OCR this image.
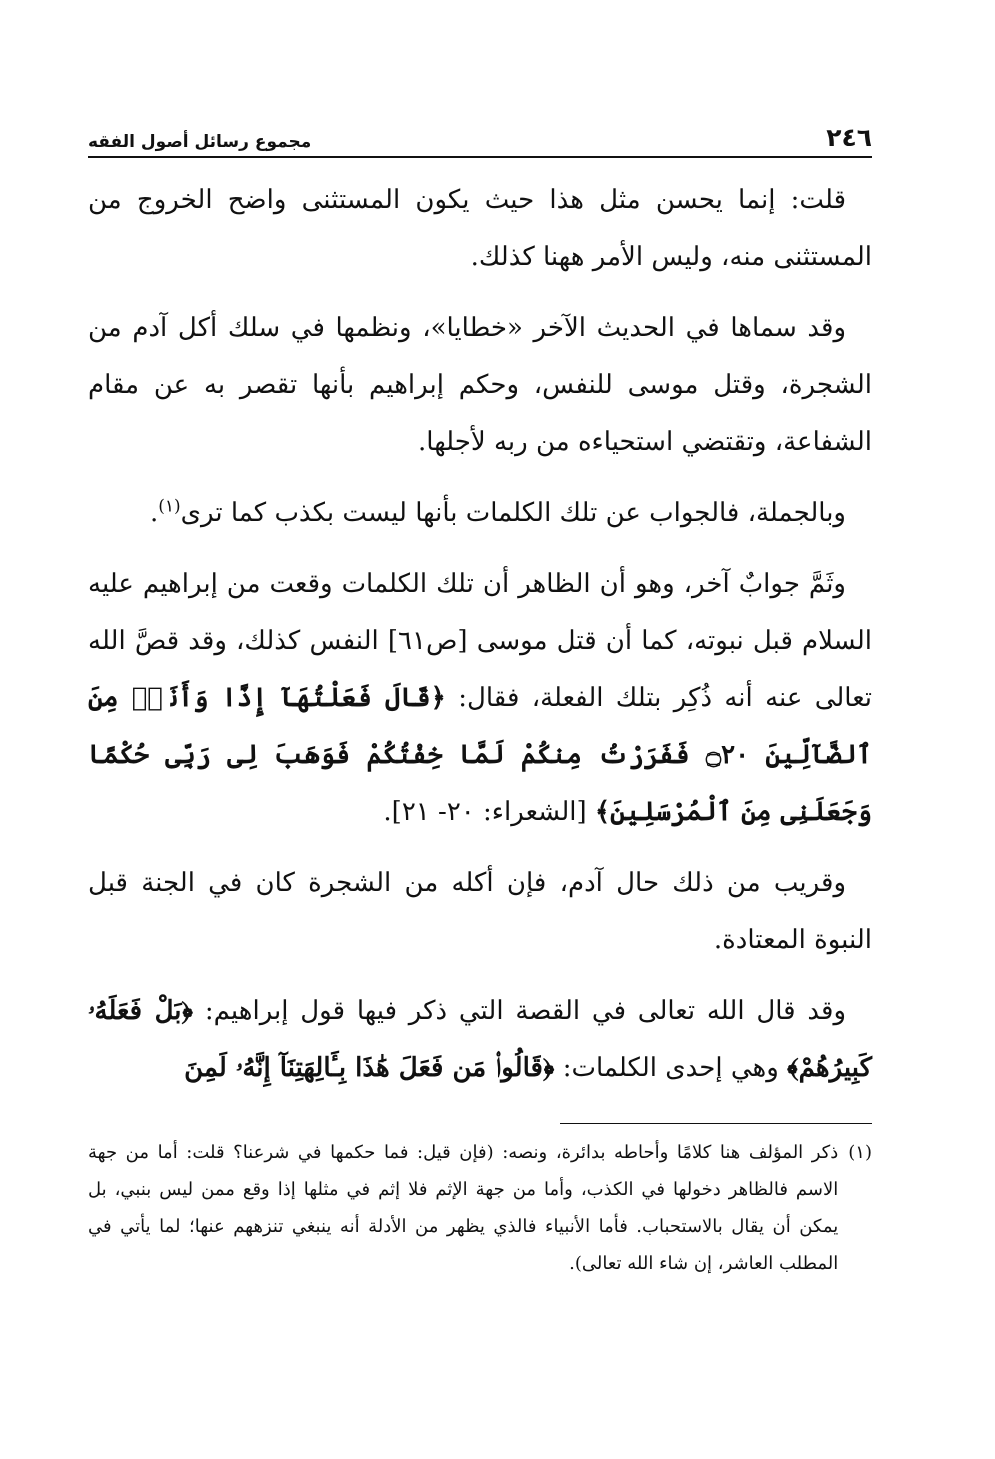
٢٤٦
مجموع رسائل أصول الفقه

قلت: إنما يحسن مثل هذا حيث يكون المستثنى واضح الخروج من المستثنى منه، وليس الأمر ههنا كذلك.

وقد سماها في الحديث الآخر «خطايا»، ونظمها في سلك أكل آدم من الشجرة، وقتل موسى للنفس، وحكم إبراهيم بأنها تقصر به عن مقام الشفاعة، وتقتضي استحياءه من ربه لأجلها.

وبالجملة، فالجواب عن تلك الكلمات بأنها ليست بكذب كما ترى$^{(١)}$.

وثَمَّ جوابٌ آخر، وهو أن الظاهر أن تلك الكلمات وقعت من إبراهيم عليه السلام قبل نبوته، كما أن قتل موسى [ص٦١] النفس كذلك، وقد قصَّ الله تعالى عنه أنه ذُكِر بتلك الفعلة، فقال: ﴿قَالَ فَعَلْتُهَآ إِذًا وَأَنَا۠ مِنَ ٱلضَّآلِّينَ ۝٢٠ فَفَرَرْتُ مِنكُمْ لَمَّا خِفْتُكُمْ فَوَهَبَ لِى رَبِّى حُكْمًا وَجَعَلَنِى مِنَ ٱلْمُرْسَلِينَ﴾ [الشعراء: ٢٠- ٢١].

وقريب من ذلك حال آدم، فإن أكله من الشجرة كان في الجنة قبل النبوة المعتادة.

وقد قال الله تعالى في القصة التي ذكر فيها قول إبراهيم: ﴿بَلْ فَعَلَهُۥ كَبِيرُهُمْ﴾ وهي إحدى الكلمات: ﴿قَالُوا۟ مَن فَعَلَ هَٰذَا بِـَٔالِهَتِنَآ إِنَّهُۥ لَمِنَ

(١)
ذكر المؤلف هنا كلامًا وأحاطه بدائرة، ونصه: (فإن قيل: فما حكمها في شرعنا؟ قلت: أما من جهة الاسم فالظاهر دخولها في الكذب، وأما من جهة الإثم فلا إثم في مثلها إذا وقع ممن ليس بنبي، بل يمكن أن يقال بالاستحباب. فأما الأنبياء فالذي يظهر من الأدلة أنه ينبغي تنزههم عنها؛ لما يأتي في المطلب العاشر، إن شاء الله تعالى).
